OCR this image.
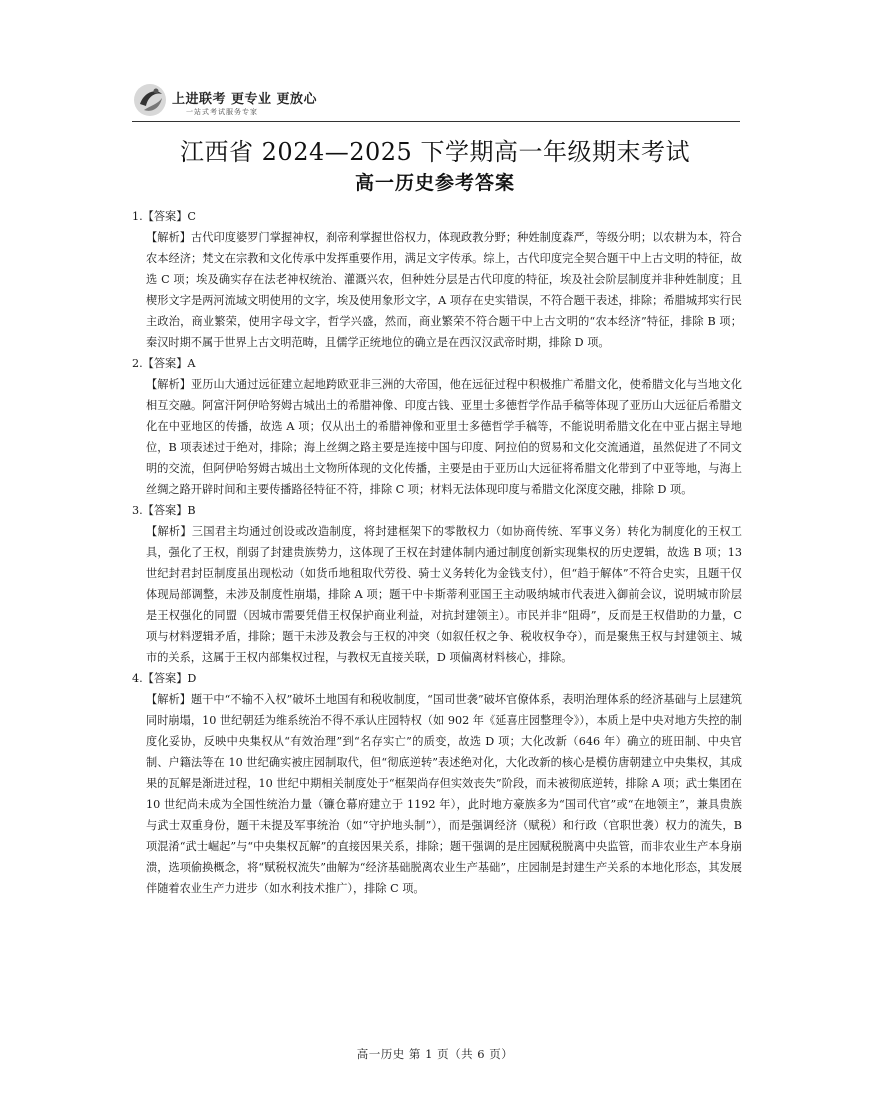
上进联考 更专业 更放心
一站式考试服务专家
江西省 2024—2025 下学期高一年级期末考试
高一历史参考答案
1.【答案】C

【解析】古代印度婆罗门掌握神权，刹帝利掌握世俗权力，体现政教分野；种姓制度森严，等级分明；以农耕为本，符合农本经济；梵文在宗教和文化传承中发挥重要作用，满足文字传承。综上，古代印度完全契合题干中上古文明的特征，故选 C 项；埃及确实存在法老神权统治、灌溉兴农，但种姓分层是古代印度的特征，埃及社会阶层制度并非种姓制度；且楔形文字是两河流域文明使用的文字，埃及使用象形文字，A 项存在史实错误，不符合题干表述，排除；希腊城邦实行民主政治，商业繁荣，使用字母文字，哲学兴盛，然而，商业繁荣不符合题干中上古文明的“农本经济”特征，排除 B 项；秦汉时期不属于世界上古文明范畴，且儒学正统地位的确立是在西汉汉武帝时期，排除 D 项。

2.【答案】A

【解析】亚历山大通过远征建立起地跨欧亚非三洲的大帝国，他在远征过程中积极推广希腊文化，使希腊文化与当地文化相互交融。阿富汗阿伊哈努姆古城出土的希腊神像、印度古钱、亚里士多德哲学作品手稿等体现了亚历山大远征后希腊文化在中亚地区的传播，故选 A 项；仅从出土的希腊神像和亚里士多德哲学手稿等，不能说明希腊文化在中亚占据主导地位，B 项表述过于绝对，排除；海上丝绸之路主要是连接中国与印度、阿拉伯的贸易和文化交流通道，虽然促进了不同文明的交流，但阿伊哈努姆古城出土文物所体现的文化传播，主要是由于亚历山大远征将希腊文化带到了中亚等地，与海上丝绸之路开辟时间和主要传播路径特征不符，排除 C 项；材料无法体现印度与希腊文化深度交融，排除 D 项。

3.【答案】B

【解析】三国君主均通过创设或改造制度，将封建框架下的零散权力（如协商传统、军事义务）转化为制度化的王权工具，强化了王权，削弱了封建贵族势力，这体现了王权在封建体制内通过制度创新实现集权的历史逻辑，故选 B 项；13 世纪封君封臣制度虽出现松动（如货币地租取代劳役、骑士义务转化为金钱支付），但“趋于解体”不符合史实，且题干仅体现局部调整，未涉及制度性崩塌，排除 A 项；题干中卡斯蒂利亚国王主动吸纳城市代表进入御前会议，说明城市阶层是王权强化的同盟（因城市需要凭借王权保护商业利益，对抗封建领主）。市民并非“阻碍”，反而是王权借助的力量，C 项与材料逻辑矛盾，排除；题干未涉及教会与王权的冲突（如叙任权之争、税收权争夺），而是聚焦王权与封建领主、城市的关系，这属于王权内部集权过程，与教权无直接关联，D 项偏离材料核心，排除。

4.【答案】D

【解析】题干中“不输不入权”破坏土地国有和税收制度，“国司世袭”破坏官僚体系，表明治理体系的经济基础与上层建筑同时崩塌，10 世纪朝廷为维系统治不得不承认庄园特权（如 902 年《延喜庄园整理令》），本质上是中央对地方失控的制度化妥协，反映中央集权从“有效治理”到“名存实亡”的质变，故选 D 项；大化改新（646 年）确立的班田制、中央官制、户籍法等在 10 世纪确实被庄园制取代，但“彻底逆转”表述绝对化，大化改新的核心是模仿唐朝建立中央集权，其成果的瓦解是渐进过程，10 世纪中期相关制度处于“框架尚存但实效丧失”阶段，而未被彻底逆转，排除 A 项；武士集团在 10 世纪尚未成为全国性统治力量（镰仓幕府建立于 1192 年），此时地方豪族多为“国司代官”或“在地领主”，兼具贵族与武士双重身份，题干未提及军事统治（如“守护地头制”），而是强调经济（赋税）和行政（官职世袭）权力的流失，B 项混淆“武士崛起”与“中央集权瓦解”的直接因果关系，排除；题干强调的是庄园赋税脱离中央监管，而非农业生产本身崩溃，选项偷换概念，将“赋税权流失”曲解为“经济基础脱离农业生产基础”，庄园制是封建生产关系的本地化形态，其发展伴随着农业生产力进步（如水利技术推广），排除 C 项。

高一历史 第 1 页（共 6 页）
